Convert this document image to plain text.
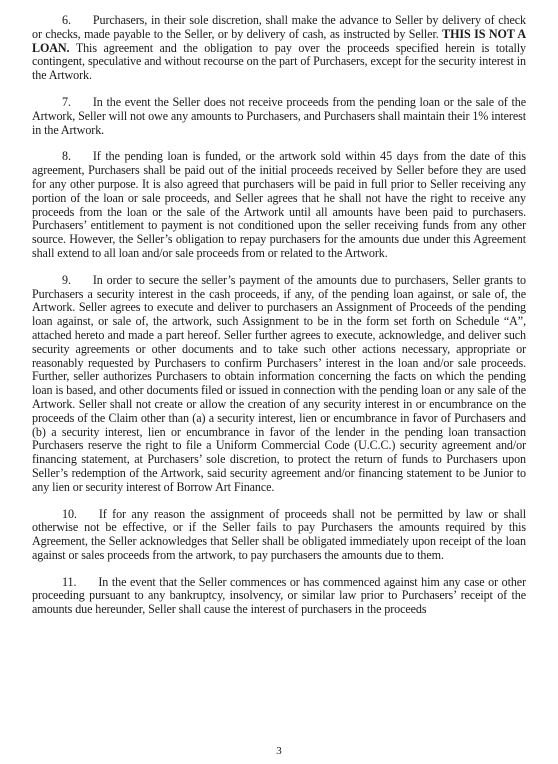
6. Purchasers, in their sole discretion, shall make the advance to Seller by delivery of check or checks, made payable to the Seller, or by delivery of cash, as instructed by Seller. THIS IS NOT A LOAN. This agreement and the obligation to pay over the proceeds specified herein is totally contingent, speculative and without recourse on the part of Purchasers, except for the security interest in the Artwork.

7. In the event the Seller does not receive proceeds from the pending loan or the sale of the Artwork, Seller will not owe any amounts to Purchasers, and Purchasers shall maintain their 1% interest in the Artwork.

8. If the pending loan is funded, or the artwork sold within 45 days from the date of this agreement, Purchasers shall be paid out of the initial proceeds received by Seller before they are used for any other purpose. It is also agreed that purchasers will be paid in full prior to Seller receiving any portion of the loan or sale proceeds, and Seller agrees that he shall not have the right to receive any proceeds from the loan or the sale of the Artwork until all amounts have been paid to purchasers. Purchasers’ entitlement to payment is not conditioned upon the seller receiving funds from any other source. However, the Seller’s obligation to repay purchasers for the amounts due under this Agreement shall extend to all loan and/or sale proceeds from or related to the Artwork.

9. In order to secure the seller’s payment of the amounts due to purchasers, Seller grants to Purchasers a security interest in the cash proceeds, if any, of the pending loan against, or sale of, the Artwork. Seller agrees to execute and deliver to purchasers an Assignment of Proceeds of the pending loan against, or sale of, the artwork, such Assignment to be in the form set forth on Schedule “A”, attached hereto and made a part hereof. Seller further agrees to execute, acknowledge, and deliver such security agreements or other documents and to take such other actions necessary, appropriate or reasonably requested by Purchasers to confirm Purchasers’ interest in the loan and/or sale proceeds. Further, seller authorizes Purchasers to obtain information concerning the facts on which the pending loan is based, and other documents filed or issued in connection with the pending loan or any sale of the Artwork. Seller shall not create or allow the creation of any security interest in or encumbrance on the proceeds of the Claim other than (a) a security interest, lien or encumbrance in favor of Purchasers and (b) a security interest, lien or encumbrance in favor of the lender in the pending loan transaction Purchasers reserve the right to file a Uniform Commercial Code (U.C.C.) security agreement and/or financing statement, at Purchasers’ sole discretion, to protect the return of funds to Purchasers upon Seller’s redemption of the Artwork, said security agreement and/or financing statement to be Junior to any lien or security interest of Borrow Art Finance.

10. If for any reason the assignment of proceeds shall not be permitted by law or shall otherwise not be effective, or if the Seller fails to pay Purchasers the amounts required by this Agreement, the Seller acknowledges that Seller shall be obligated immediately upon receipt of the loan against or sales proceeds from the artwork, to pay purchasers the amounts due to them.

11. In the event that the Seller commences or has commenced against him any case or other proceeding pursuant to any bankruptcy, insolvency, or similar law prior to Purchasers’ receipt of the amounts due hereunder, Seller shall cause the interest of purchasers in the proceeds

3
